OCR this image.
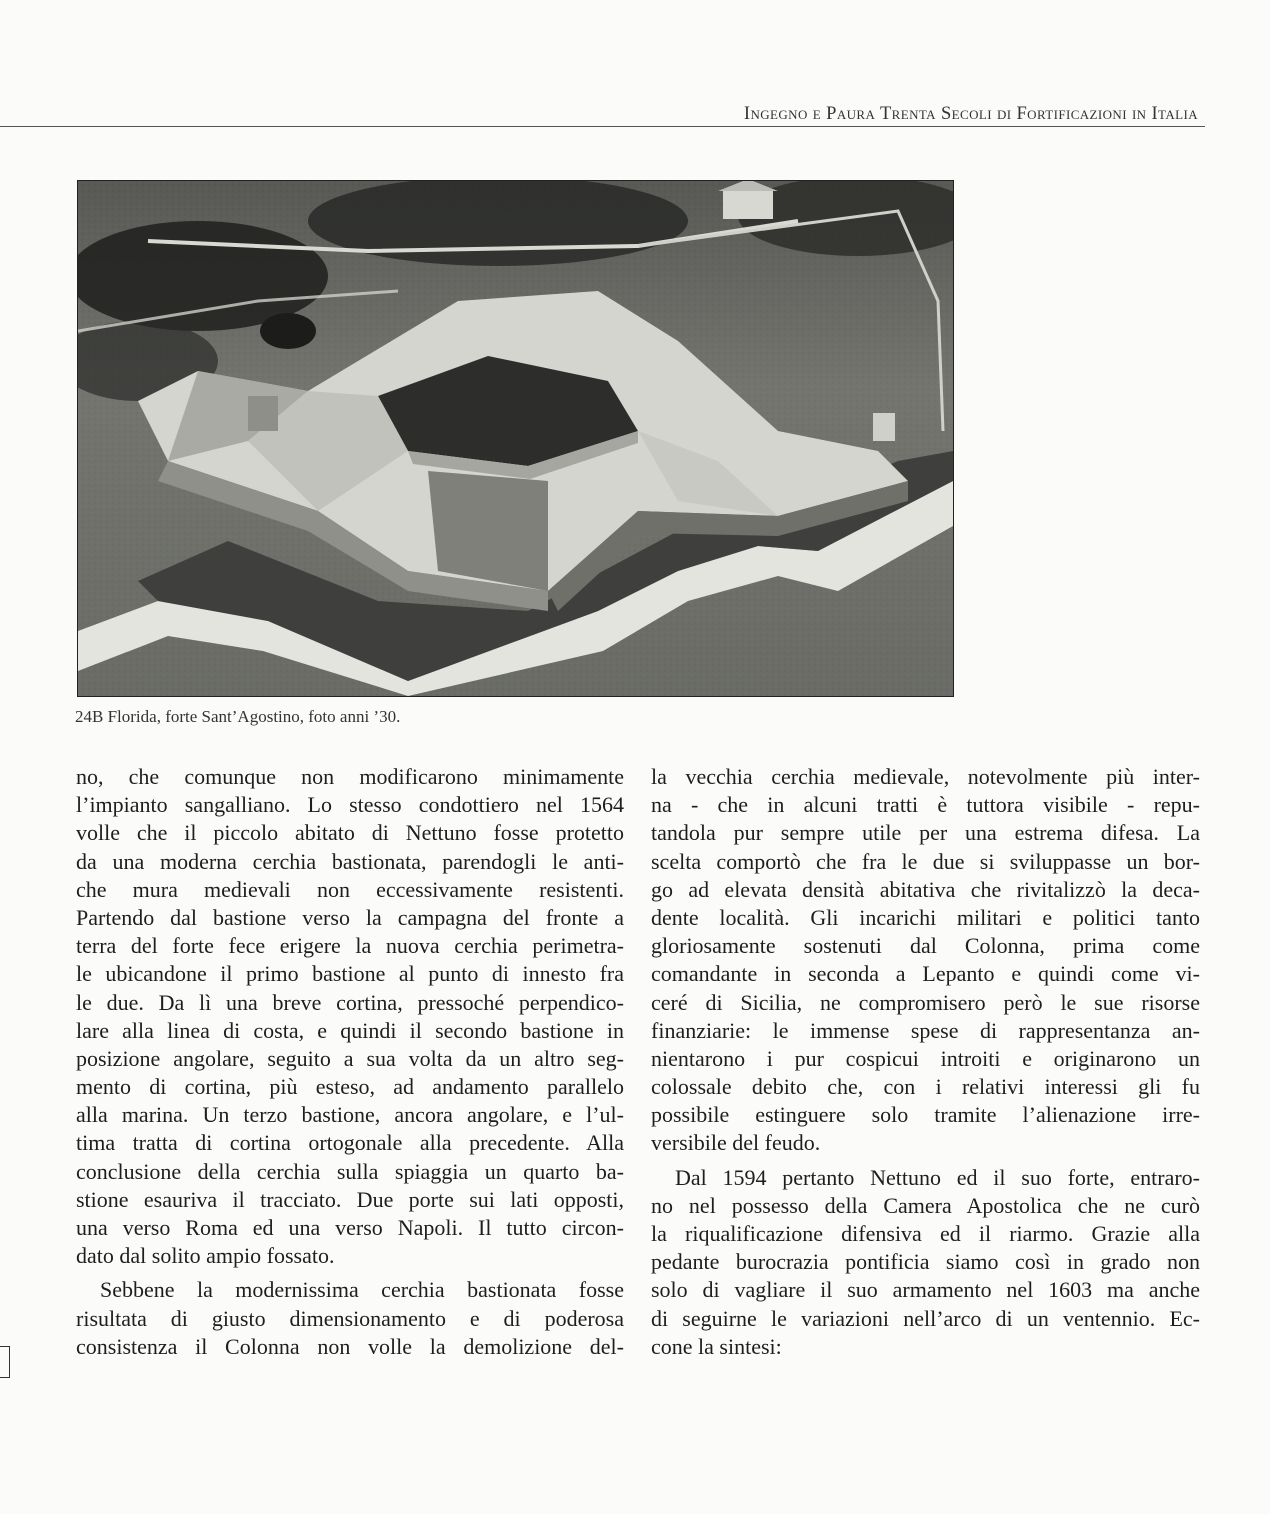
Ingegno e Paura Trenta Secoli di Fortificazioni in Italia
24B Florida, forte Sant’Agostino, foto anni ’30.
no, che comunque non modificarono minimamente
l’impianto sangalliano. Lo stesso condottiero nel 1564
volle che il piccolo abitato di Nettuno fosse protetto
da una moderna cerchia bastionata, parendogli le anti-
che mura medievali non eccessivamente resistenti.
Partendo dal bastione verso la campagna del fronte a
terra del forte fece erigere la nuova cerchia perimetra-
le ubicandone il primo bastione al punto di innesto fra
le due. Da lì una breve cortina, pressoché perpendico-
lare alla linea di costa, e quindi il secondo bastione in
posizione angolare, seguito a sua volta da un altro seg-
mento di cortina, più esteso, ad andamento parallelo
alla marina. Un terzo bastione, ancora angolare, e l’ul-
tima tratta di cortina ortogonale alla precedente. Alla
conclusione della cerchia sulla spiaggia un quarto ba-
stione esauriva il tracciato. Due porte sui lati opposti,
una verso Roma ed una verso Napoli. Il tutto circon-
dato dal solito ampio fossato.
Sebbene la modernissima cerchia bastionata fosse
risultata di giusto dimensionamento e di poderosa
consistenza il Colonna non volle la demolizione del-
la vecchia cerchia medievale, notevolmente più inter-
na - che in alcuni tratti è tuttora visibile - repu-
tandola pur sempre utile per una estrema difesa. La
scelta comportò che fra le due si sviluppasse un bor-
go ad elevata densità abitativa che rivitalizzò la deca-
dente località. Gli incarichi militari e politici tanto
gloriosamente sostenuti dal Colonna, prima come
comandante in seconda a Lepanto e quindi come vi-
ceré di Sicilia, ne compromisero però le sue risorse
finanziarie: le immense spese di rappresentanza an-
nientarono i pur cospicui introiti e originarono un
colossale debito che, con i relativi interessi gli fu
possibile estinguere solo tramite l’alienazione irre-
versibile del feudo.
Dal 1594 pertanto Nettuno ed il suo forte, entraro-
no nel possesso della Camera Apostolica che ne curò
la riqualificazione difensiva ed il riarmo. Grazie alla
pedante burocrazia pontificia siamo così in grado non
solo di vagliare il suo armamento nel 1603 ma anche
di seguirne le variazioni nell’arco di un ventennio. Ec-
cone la sintesi:
